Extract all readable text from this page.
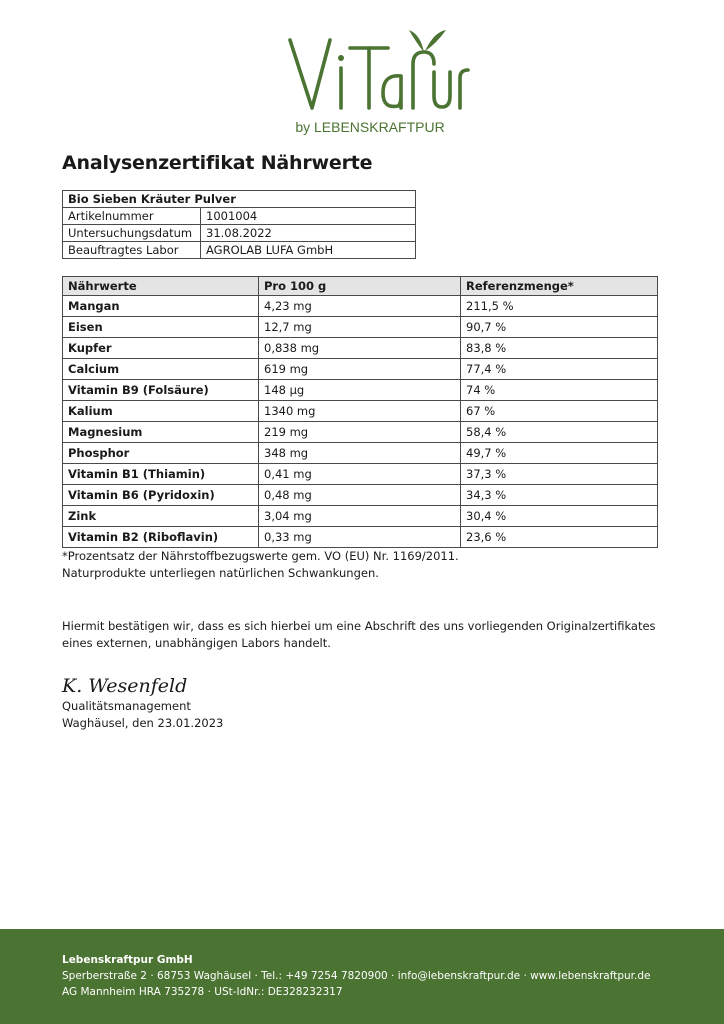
by LEBENSKRAFTPUR
Analysenzertifikat Nährwerte
Bio Sieben Kräuter Pulver	
Artikelnummer	1001004
Untersuchungsdatum	31.08.2022
Beauftragtes Labor	AGROLAB LUFA GmbH
Nährwerte	Pro 100 g	Referenzmenge*
Mangan	4,23 mg	211,5 %
Eisen	12,7 mg	90,7 %
Kupfer	0,838 mg	83,8 %
Calcium	619 mg	77,4 %
Vitamin B9 (Folsäure)	148 µg	74 %
Kalium	1340 mg	67 %
Magnesium	219 mg	58,4 %
Phosphor	348 mg	49,7 %
Vitamin B1 (Thiamin)	0,41 mg	37,3 %
Vitamin B6 (Pyridoxin)	0,48 mg	34,3 %
Zink	3,04 mg	30,4 %
Vitamin B2 (Riboflavin)	0,33 mg	23,6 %

*Prozentsatz der Nährstoffbezugswerte gem. VO (EU) Nr. 1169/2011.

Naturprodukte unterliegen natürlichen Schwankungen.

Hiermit bestätigen wir, dass es sich hierbei um eine Abschrift des uns vorliegenden Originalzertifikates eines externen, unabhängigen Labors handelt.

K. Wesenfeld

Qualitätsmanagement

Waghäusel, den 23.01.2023

Lebenskraftpur GmbH

Sperberstraße 2 · 68753 Waghäusel · Tel.: +49 7254 7820900 · info@lebenskraftpur.de · www.lebenskraftpur.de

AG Mannheim HRA 735278 · USt-IdNr.: DE328232317
